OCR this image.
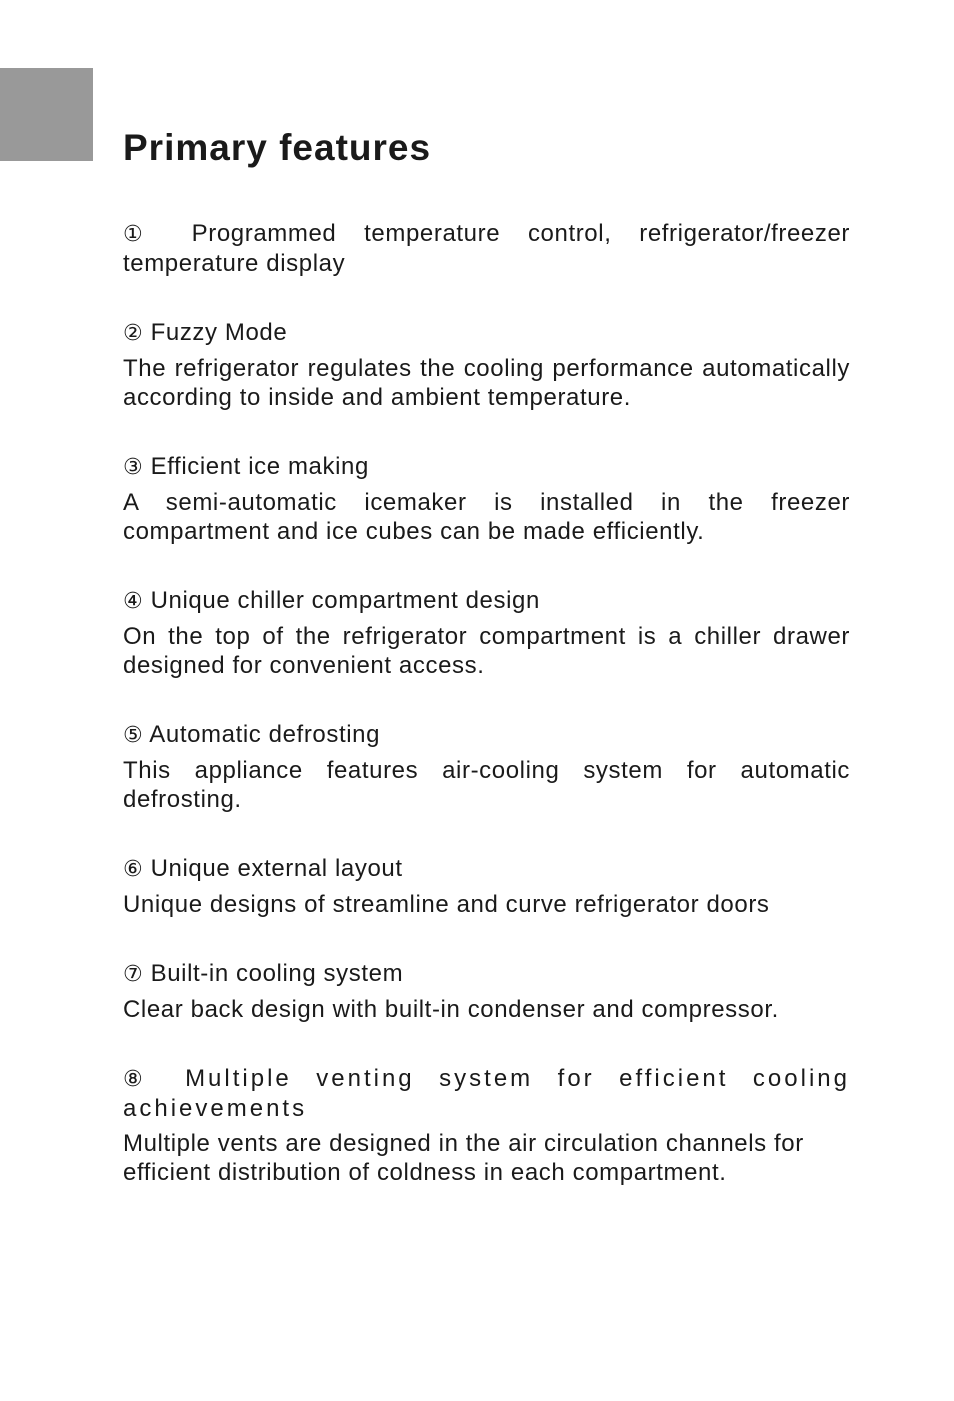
Primary features

① Programmed temperature control, refrigerator/freezer temperature display

② Fuzzy Mode

The refrigerator regulates the cooling performance automatically according to inside and ambient temperature.

③ Efficient ice making

A semi-automatic icemaker is installed in the freezer compartment and ice cubes can be made efficiently.

④ Unique chiller compartment design

On the top of the refrigerator compartment is a chiller drawer designed for convenient access.

⑤ Automatic defrosting

This appliance features air-cooling system for automatic defrosting.

⑥ Unique external layout

Unique designs of streamline and curve refrigerator doors

⑦ Built-in cooling system

Clear back design with built-in condenser and compressor.

⑧ Multiple venting system for efficient cooling achievements

Multiple vents are designed in the air circulation channels for efficient distribution of coldness in each compartment.
